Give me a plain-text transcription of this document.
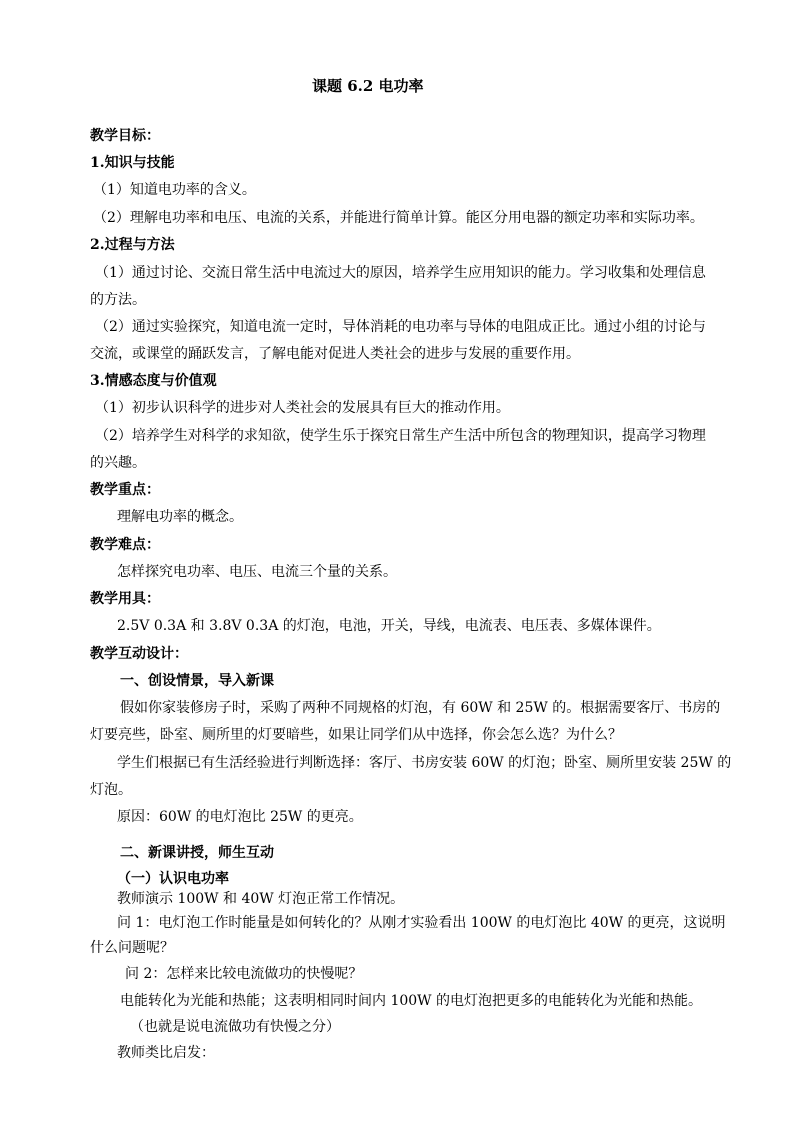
课题 6.2 电功率
教学目标：
1.知识与技能
（1）知道电功率的含义。
（2）理解电功率和电压、电流的关系，并能进行简单计算。能区分用电器的额定功率和实际功率。
2.过程与方法
（1）通过讨论、交流日常生活中电流过大的原因，培养学生应用知识的能力。学习收集和处理信息
的方法。
（2）通过实验探究，知道电流一定时，导体消耗的电功率与导体的电阻成正比。通过小组的讨论与
交流，或课堂的踊跃发言，了解电能对促进人类社会的进步与发展的重要作用。
3.情感态度与价值观
（1）初步认识科学的进步对人类社会的发展具有巨大的推动作用。
（2）培养学生对科学的求知欲，使学生乐于探究日常生产生活中所包含的物理知识，提高学习物理
的兴趣。
教学重点：
理解电功率的概念。
教学难点：
怎样探究电功率、电压、电流三个量的关系。
教学用具：
2.5V 0.3A 和 3.8V 0.3A 的灯泡，电池，开关，导线，电流表、电压表、多媒体课件。
教学互动设计：
一、创设情景，导入新课
假如你家装修房子时，采购了两种不同规格的灯泡，有 60W 和 25W 的。根据需要客厅、书房的
灯要亮些，卧室、厕所里的灯要暗些，如果让同学们从中选择，你会怎么选？为什么？
学生们根据已有生活经验进行判断选择：客厅、书房安装 60W 的灯泡；卧室、厕所里安装 25W 的
灯泡。
原因：60W 的电灯泡比 25W 的更亮。
二、新课讲授，师生互动
（一）认识电功率
教师演示 100W 和 40W 灯泡正常工作情况。
问 1：电灯泡工作时能量是如何转化的？从刚才实验看出 100W 的电灯泡比 40W 的更亮，这说明
什么问题呢？
问 2：怎样来比较电流做功的快慢呢？
电能转化为光能和热能；这表明相同时间内 100W 的电灯泡把更多的电能转化为光能和热能。
（也就是说电流做功有快慢之分）
教师类比启发：
